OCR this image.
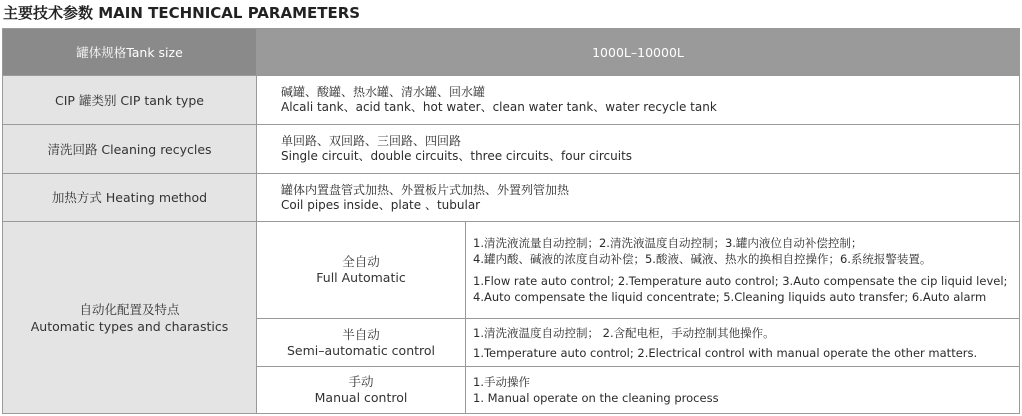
主要技术参数 MAIN TECHNICAL PARAMETERS
罐体规格Tank size	1000L–10000L
CIP 罐类别 CIP tank type
碱罐、酸罐、热水罐、清水罐、回水罐
Alcali tank、acid tank、hot water、clean water tank、water recycle tank
清洗回路 Cleaning recycles
单回路、双回路、三回路、四回路
Single circuit、double circuits、three circuits、four circuits
加热方式 Heating method
罐体内置盘管式加热、外置板片式加热、外置列管加热
Coil pipes inside、plate 、tubular
自动化配置及特点
Automatic types and charastics
全自动
Full Automatic
1.清洗液流量自动控制；2.清洗液温度自动控制；3.罐内液位自动补偿控制；
4.罐内酸、碱液的浓度自动补偿；5.酸液、碱液、热水的换相自控操作；6.系统报警装置。
1.Flow rate auto control; 2.Temperature auto control; 3.Auto compensate the cip liquid level;
4.Auto compensate the liquid concentrate; 5.Cleaning liquids auto transfer; 6.Auto alarm
半自动
Semi–automatic control
1.清洗液温度自动控制； 2.含配电柜，手动控制其他操作。
1.Temperature auto control; 2.Electrical control with manual operate the other matters.
手动
Manual control
1.手动操作
1. Manual operate on the cleaning process
